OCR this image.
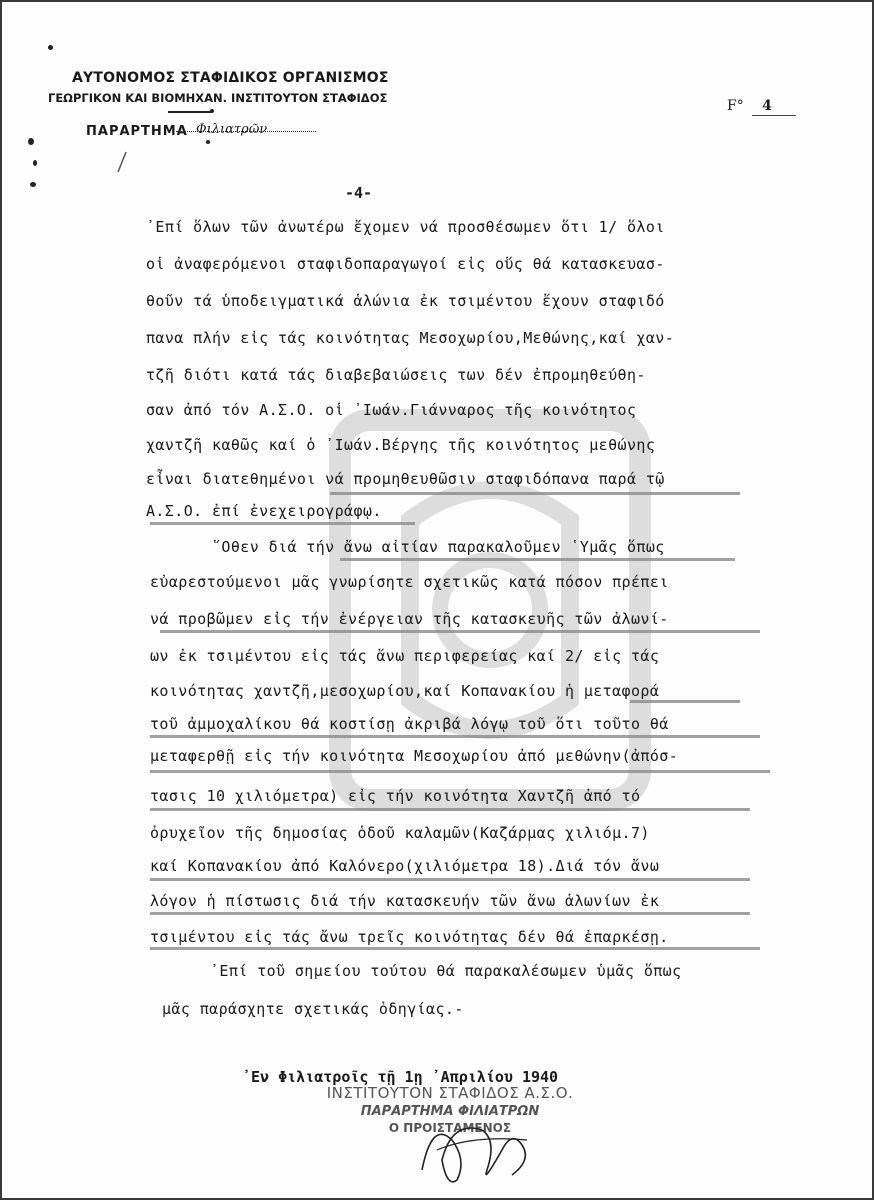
ΑΥΤΟΝΟΜΟΣ ΣΤΑΦΙΔΙΚΟΣ ΟΡΓΑΝΙΣΜΟΣ
ΓΕΩΡΓΙΚΟΝ ΚΑΙ ΒΙΟΜΗΧΑΝ. ΙΝΣΤΙΤΟΥΤΟΝ ΣΤΑΦΙΔΟΣ
ΠΑΡΑΡΤΗΜΑ Φιλιατρῶν
F° 4
-4-
᾽Επί ὅλων τῶν ἀνωτέρω ἔχομεν νά προσθέσωμεν ὅτι 1/ ὅλοι
οἱ ἀναφερόμενοι σταφιδοπαραγωγοί εἰς οὕς θά κατασκευασ-
θοῦν τά ὑποδειγματικά ἁλώνια ἐκ τσιμέντου ἔχουν σταφιδό
πανα πλήν εἰς τάς κοινότητας Μεσοχωρίου,Μεθώνης,καί χαν-
τζῆ διότι κατά τάς διαβεβαιώσεις των δέν ἐπρομηθεύθη-
σαν ἀπό τόν Α.Σ.Ο. οἱ ᾽Ιωάν.Γιάνναρος τῆς κοινότητος
χαντζῆ καθῶς καί ὁ ᾽Ιωάν.Βέργης τῆς κοινότητος μεθώνης
εἶναι διατεθημένοι νά προμηθευθῶσιν σταφιδόπανα παρά τῷ
Α.Σ.Ο. ἐπί ἐνεχειρογράφῳ.
῞Οθεν διά τήν ἄνω αἰτίαν παρακαλοῦμεν ῾Υμᾶς ὅπως
εὐαρεστούμενοι μᾶς γνωρίσητε σχετικῶς κατά πόσον πρέπει
νά προβῶμεν εἰς τήν ἐνέργειαν τῆς κατασκευῆς τῶν ἁλωνί-
ων ἐκ τσιμέντου εἰς τάς ἄνω περιφερείας καί 2/ εἰς τάς
κοινότητας χαντζῆ,μεσοχωρίου,καί Κοπανακίου ἡ μεταφορά
τοῦ ἀμμοχαλίκου θά κοστίσῃ ἀκριβά λόγῳ τοῦ ὅτι τοῦτο θά
μεταφερθῇ εἰς τήν κοινότητα Μεσοχωρίου ἀπό μεθώνην(ἀπόσ-
τασις 10 χιλιόμετρα) εἰς τήν κοινότητα Χαντζῆ ἀπό τό
ὀρυχεῖον τῆς δημοσίας ὁδοῦ καλαμῶν(Καζάρμας χιλιόμ.7)
καί Κοπανακίου ἀπό Καλόνερο(χιλιόμετρα 18).Διά τόν ἄνω
λόγον ἡ πίστωσις διά τήν κατασκευήν τῶν ἄνω ἁλωνίων ἐκ
τσιμέντου εἰς τάς ἄνω τρεῖς κοινότητας δέν θά ἐπαρκέσῃ.
᾽Επί τοῦ σημείου τούτου θά παρακαλέσωμεν ὑμᾶς ὅπως
μᾶς παράσχητε σχετικάς ὁδηγίας.-
᾽Εν Φιλιατροῖς τῇ 1ῃ ᾽Απριλίου 1940
ΙΝΣΤΙΤΟΥΤΟΝ ΣΤΑΦΙΔΟΣ Α.Σ.Ο.
ΠΑΡΑΡΤΗΜΑ ΦΙΛΙΑΤΡΩΝ
Ο ΠΡΟΙΣΤΑΜΕΝΟΣ
